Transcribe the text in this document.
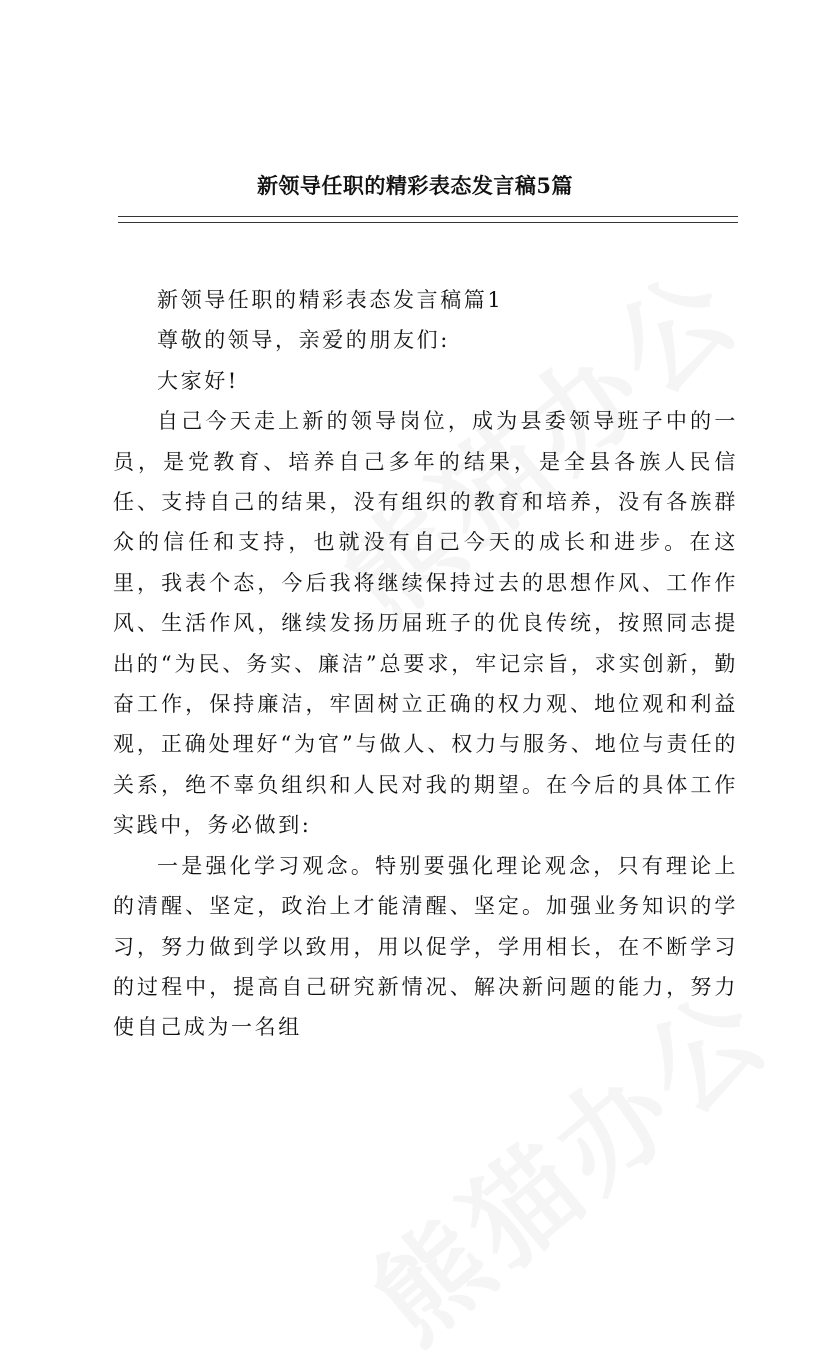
新领导任职的精彩表态发言稿5篇

新领导任职的精彩表态发言稿篇1

尊敬的领导，亲爱的朋友们:

大家好!

自己今天走上新的领导岗位，成为县委领导班子中的一员，是党教育、培养自己多年的结果，是全县各族人民信任、支持自己的结果，没有组织的教育和培养，没有各族群众的信任和支持，也就没有自己今天的成长和进步。在这里，我表个态，今后我将继续保持过去的思想作风、工作作风、生活作风，继续发扬历届班子的优良传统，按照同志提出的“为民、务实、廉洁”总要求，牢记宗旨，求实创新，勤奋工作，保持廉洁，牢固树立正确的权力观、地位观和利益观，正确处理好“为官”与做人、权力与服务、地位与责任的关系，绝不辜负组织和人民对我的期望。在今后的具体工作实践中，务必做到:

一是强化学习观念。特别要强化理论观念，只有理论上的清醒、坚定，政治上才能清醒、坚定。加强业务知识的学习，努力做到学以致用，用以促学，学用相长，在不断学习的过程中，提高自己研究新情况、解决新问题的能力，努力使自己成为一名组
